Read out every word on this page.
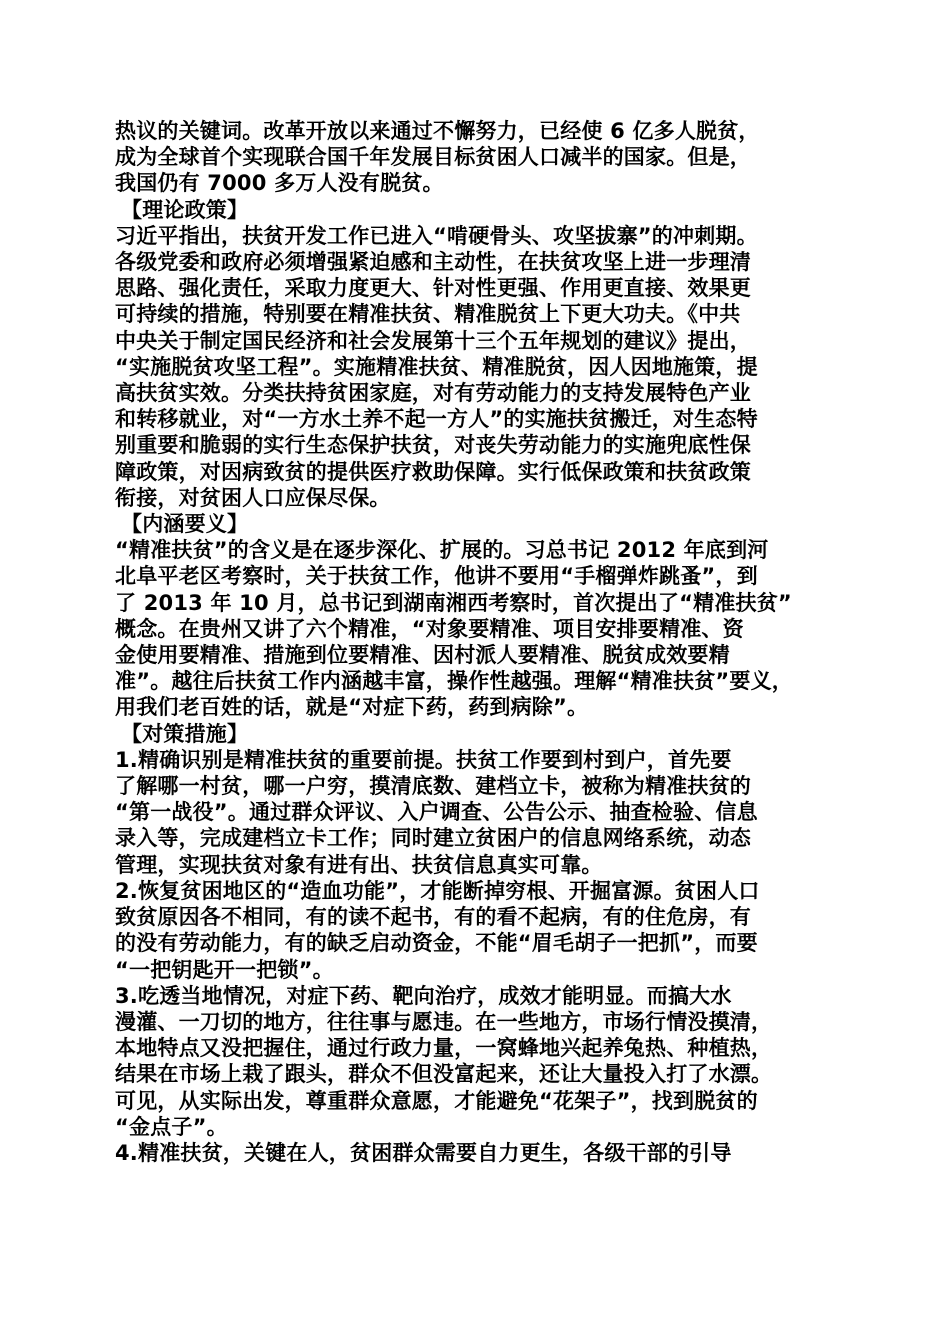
热议的关键词。改革开放以来通过不懈努力，已经使 6 亿多人脱贫，

成为全球首个实现联合国千年发展目标贫困人口减半的国家。但是，

我国仍有 7000 多万人没有脱贫。

【理论政策】

习近平指出，扶贫开发工作已进入“啃硬骨头、攻坚拔寨”的冲刺期。

各级党委和政府必须增强紧迫感和主动性，在扶贫攻坚上进一步理清

思路、强化责任，采取力度更大、针对性更强、作用更直接、效果更

可持续的措施，特别要在精准扶贫、精准脱贫上下更大功夫。《中共

中央关于制定国民经济和社会发展第十三个五年规划的建议》提出，

“实施脱贫攻坚工程”。实施精准扶贫、精准脱贫，因人因地施策，提

高扶贫实效。分类扶持贫困家庭，对有劳动能力的支持发展特色产业

和转移就业，对“一方水土养不起一方人”的实施扶贫搬迁，对生态特

别重要和脆弱的实行生态保护扶贫，对丧失劳动能力的实施兜底性保

障政策，对因病致贫的提供医疗救助保障。实行低保政策和扶贫政策

衔接，对贫困人口应保尽保。

【内涵要义】

“精准扶贫”的含义是在逐步深化、扩展的。习总书记 2012 年底到河

北阜平老区考察时，关于扶贫工作，他讲不要用“手榴弹炸跳蚤”，到

了 2013 年 10 月，总书记到湖南湘西考察时，首次提出了“精准扶贫”

概念。在贵州又讲了六个精准，“对象要精准、项目安排要精准、资

金使用要精准、措施到位要精准、因村派人要精准、脱贫成效要精

准”。越往后扶贫工作内涵越丰富，操作性越强。理解“精准扶贫”要义，

用我们老百姓的话，就是“对症下药，药到病除”。

【对策措施】

1.精确识别是精准扶贫的重要前提。扶贫工作要到村到户，首先要

了解哪一村贫，哪一户穷，摸清底数、建档立卡，被称为精准扶贫的

“第一战役”。通过群众评议、入户调查、公告公示、抽查检验、信息

录入等，完成建档立卡工作；同时建立贫困户的信息网络系统，动态

管理，实现扶贫对象有进有出、扶贫信息真实可靠。

2.恢复贫困地区的“造血功能”，才能断掉穷根、开掘富源。贫困人口

致贫原因各不相同，有的读不起书，有的看不起病，有的住危房，有

的没有劳动能力，有的缺乏启动资金，不能“眉毛胡子一把抓”，而要

“一把钥匙开一把锁”。

3.吃透当地情况，对症下药、靶向治疗，成效才能明显。而搞大水

漫灌、一刀切的地方，往往事与愿违。在一些地方，市场行情没摸清，

本地特点又没把握住，通过行政力量，一窝蜂地兴起养兔热、种植热，

结果在市场上栽了跟头，群众不但没富起来，还让大量投入打了水漂。

可见，从实际出发，尊重群众意愿，才能避免“花架子”，找到脱贫的

“金点子”。

4.精准扶贫，关键在人，贫困群众需要自力更生，各级干部的引导
